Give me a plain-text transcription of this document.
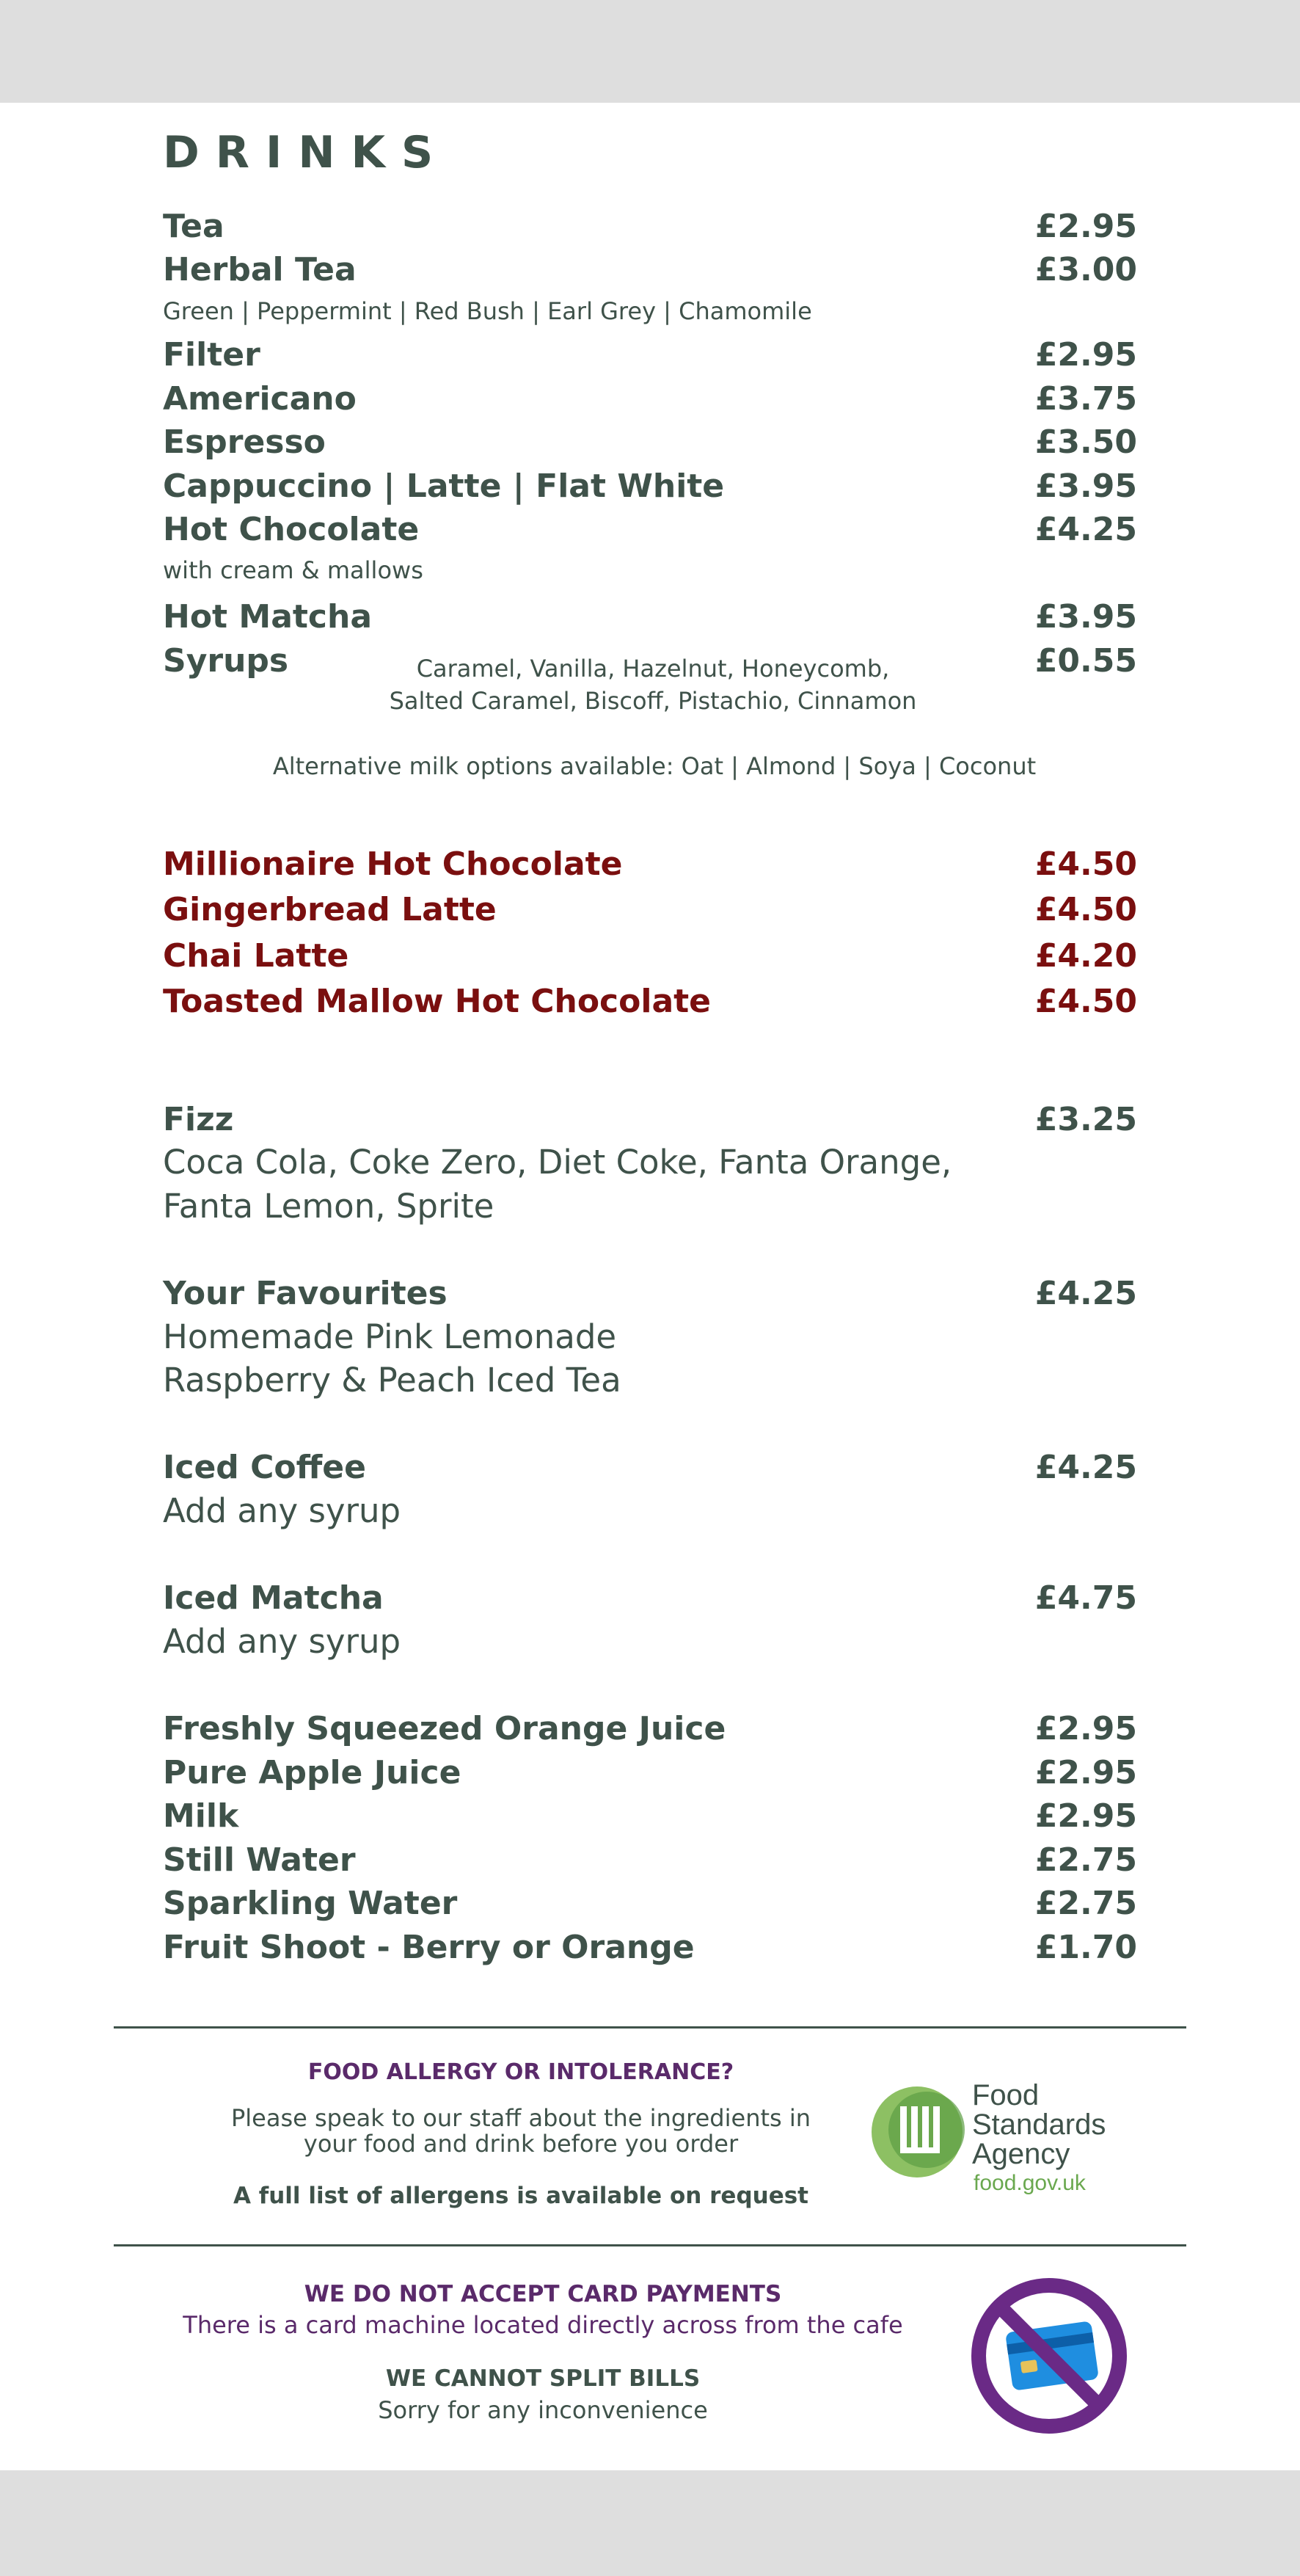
DRINKS
Tea	£2.95
Herbal Tea	£3.00
Green | Peppermint | Red Bush | Earl Grey | Chamomile
Filter	£2.95
Americano	£3.75
Espresso	£3.50
Cappuccino | Latte | Flat White	£3.95
Hot Chocolate	£4.25
with cream & mallows
Hot Matcha	£3.95
Syrups	£0.55
Caramel, Vanilla, Hazelnut, Honeycomb,
Salted Caramel, Biscoff, Pistachio, Cinnamon
Alternative milk options available: Oat | Almond | Soya | Coconut
Millionaire Hot Chocolate	£4.50
Gingerbread Latte	£4.50
Chai Latte	£4.20
Toasted Mallow Hot Chocolate	£4.50
Fizz	£3.25
Coca Cola, Coke Zero, Diet Coke, Fanta Orange,
Fanta Lemon, Sprite
Your Favourites	£4.25
Homemade Pink Lemonade
Raspberry & Peach Iced Tea
Iced Coffee	£4.25
Add any syrup
Iced Matcha	£4.75
Add any syrup
Freshly Squeezed Orange Juice	£2.95
Pure Apple Juice	£2.95
Milk	£2.95
Still Water	£2.75
Sparkling Water	£2.75
Fruit Shoot - Berry or Orange	£1.70
FOOD ALLERGY OR INTOLERANCE?
Please speak to our staff about the ingredients in
your food and drink before you order
A full list of allergens is available on request
Food
Standards
Agency
food.gov.uk
WE DO NOT ACCEPT CARD PAYMENTS
There is a card machine located directly across from the cafe
WE CANNOT SPLIT BILLS
Sorry for any inconvenience
